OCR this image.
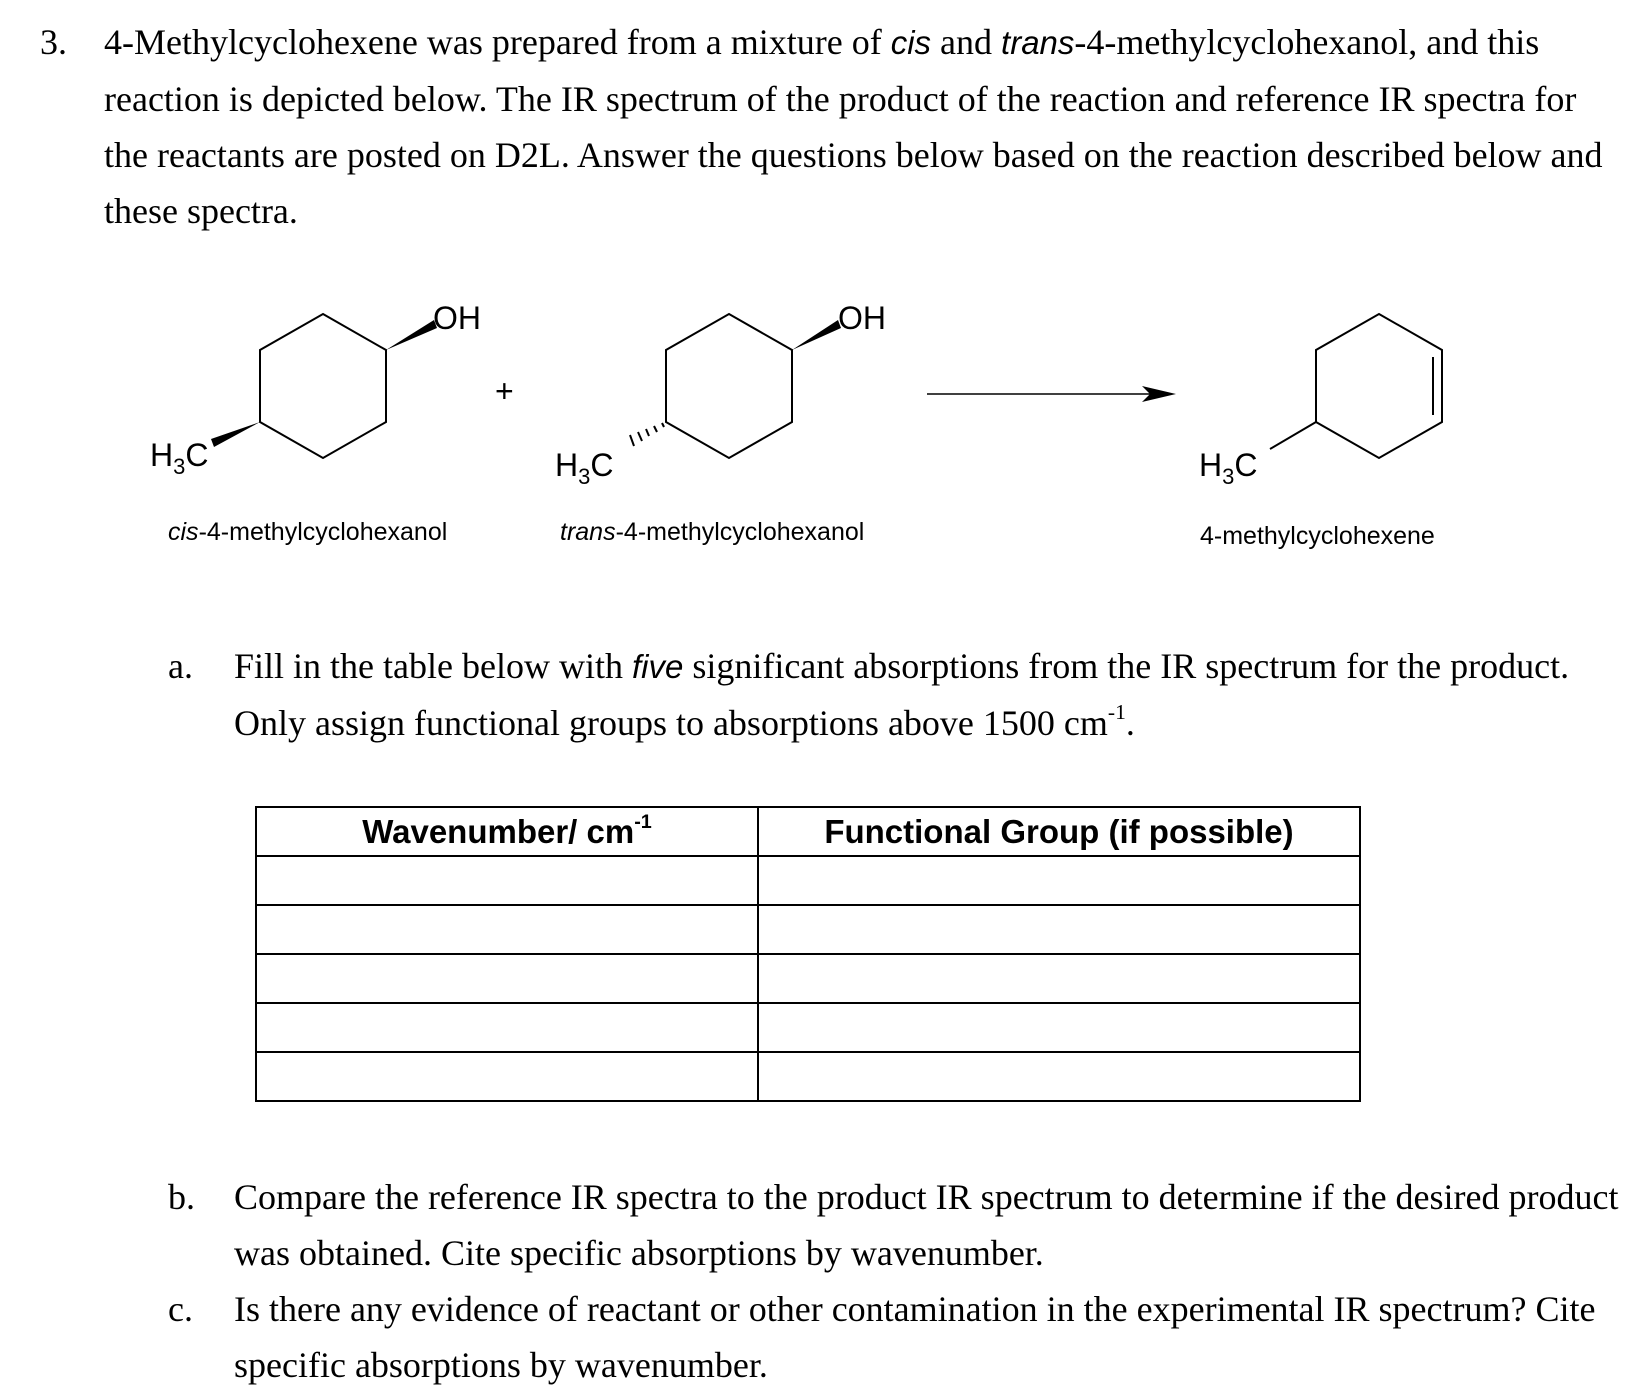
3. 4-Methylcyclohexene was prepared from a mixture of cis and trans-4-methylcyclohexanol, and this reaction is depicted below. The IR spectrum of the product of the reaction and reference IR spectra for the reactants are posted on D2L. Answer the questions below based on the reaction described below and these spectra.
OH
$H_3C$
cis-4-methylcyclohexanol
+
OH
$H_3C$
trans-4-methylcyclohexanol
$H_3C$
4-methylcyclohexene
a. Fill in the table below with five significant absorptions from the IR spectrum for the product. Only assign functional groups to absorptions above 1500 $cm^{-1}$.
Wavenumber/ $cm^{-1}$	Functional Group (if possible)

b. Compare the reference IR spectra to the product IR spectrum to determine if the desired product was obtained. Cite specific absorptions by wavenumber.
c. Is there any evidence of reactant or other contamination in the experimental IR spectrum? Cite specific absorptions by wavenumber.
